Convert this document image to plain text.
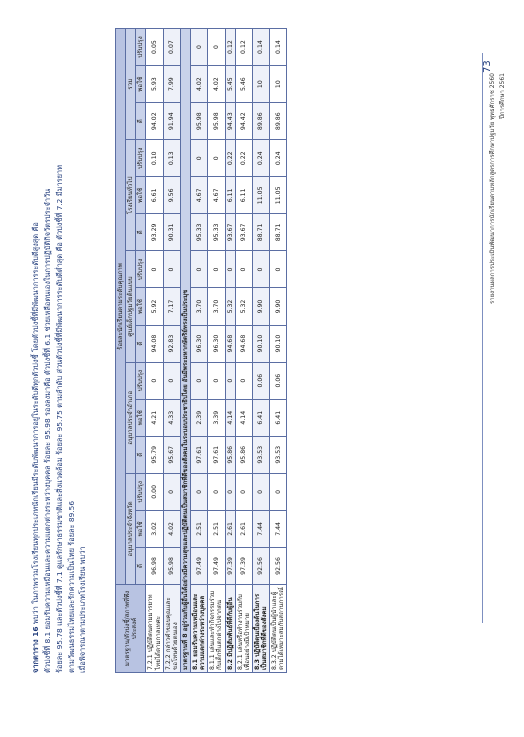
จากตาราง 16 พบว่า ในภาพรวมโรงเรียนทุกประเภทนักเรียนมีระดับพัฒนาการอยู่ในระดับดีทุกตัวบ่งชี้ โดยตัวบ่งชี้ที่มีพัฒนาการระดับดีสูงสุด คือ ตัวบ่งชี้ที่ 8.1 ยอมรับความเหมือนและความแตกต่างระหว่างบุคคล ร้อยละ 95.98 รองลงมาคือ ตัวบ่งชี้ที่ 6.1 ช่วยเหลือตนเองในการปฏิบัติกิจวัตรประจำวัน ร้อยละ 95.78 และตัวบ่งชี้ที่ 7.1 ดูแลรักษาธรรมชาติและสิ่งแวดล้อม ร้อยละ 95.75 ตามลำดับ ส่วนตัวบ่งชี้ที่มีพัฒนาการระดับดีต่ำสุด คือ ตัวบ่งชี้ที่ 7.2 มีมารยาท ตามวัฒนธรรมไทยและรักความเป็นไทย ร้อยละ 89.56 เมื่อพิจารณาตามประเภทโรงเรียน พบว่า	มาตรฐาน/ตัวบ่งชี้/สภาพที่พึงประสงค์	ร้อยละนักเรียนตามระดับคุณภาพ														
	อนุบาลประจำจังหวัด			อนุบาลประจำอำเภอ			ศูนย์เด็กปฐมวัยต้นแบบ			โรงเรียนทั่วไป			รวม		
	ดี	พอใช้	ปรับปรุง	ดี	พอใช้	ปรับปรุง	ดี	พอใช้	ปรับปรุง	ดี	พอใช้	ปรับปรุง	ดี	พอใช้	ปรับปรุง
7.2.1 ปฏิบัติตนตามมารยาทไทยได้ตามกาลเทศะ	96.98	3.02	0.00	95.79	4.21	0	94.08	5.92	0	93.29	6.61	0.10	94.02	5.93	0.05
7.2.2 กล่าวคำขอบคุณและขอโทษด้วยตนเอง	95.98	4.02	0	95.67	4.33	0	92.83	7.17	0	90.31	9.56	0.13	91.94	7.99	0.07
มาตรฐานที่ 8 อยู่ร่วมกับผู้อื่นได้อย่างมีความสุขและปฏิบัติตนเป็นสมาชิกที่ดีของสังคมในระบอบประชาธิปไตย อันมีพระมหากษัตริย์ทรงเป็นประมุข															
8.1 ยอมรับความเหมือนและความแตกต่างระหว่างบุคคล	97.49	2.51	0	97.61	2.39	0	96.30	3.70	0	95.33	4.67	0	95.98	4.02	0
8.1.1 เล่นและทำกิจกรรมร่วมกับเด็กที่แตกต่างไปจากตน	97.49	2.51	0	97.61	3.39	0	96.30	3.70	0	95.33	4.67	0	95.98	4.02	0
8.2 มีปฏิสัมพันธ์ที่ดีกับผู้อื่น	97.39	2.61	0	95.86	4.14	0	94.68	5.32	0	93.67	6.11	0.22	94.43	5.45	0.12
8.2.1 เล่นหรือทำงานร่วมกับเพื่อนอย่างมีเป้าหมาย	97.39	2.61	0	95.86	4.14	0	94.68	5.32	0	93.67	6.11	0.22	94.42	5.46	0.12
8.3 ปฏิบัติตนเบื้องต้นในการเป็นสมาชิกที่ดีของสังคม	92.56	7.44	0	93.53	6.41	0.06	90.10	9.90	0	88.71	11.05	0.24	89.86	10	0.14
8.3.2 ปฏิบัติตนเป็นผู้นำและผู้ตามได้เหมาะสมกับสถานการณ์	92.56	7.44	0	93.53	6.41	0.06	90.10	9.90	0	88.71	11.05	0.24	89.86	10	0.14
รายงานผลการประเมินพัฒนาการนักเรียนตามหลักสูตรการศึกษาปฐมวัย พุทธศักราช 2560 ปีการศึกษา 2561
73
